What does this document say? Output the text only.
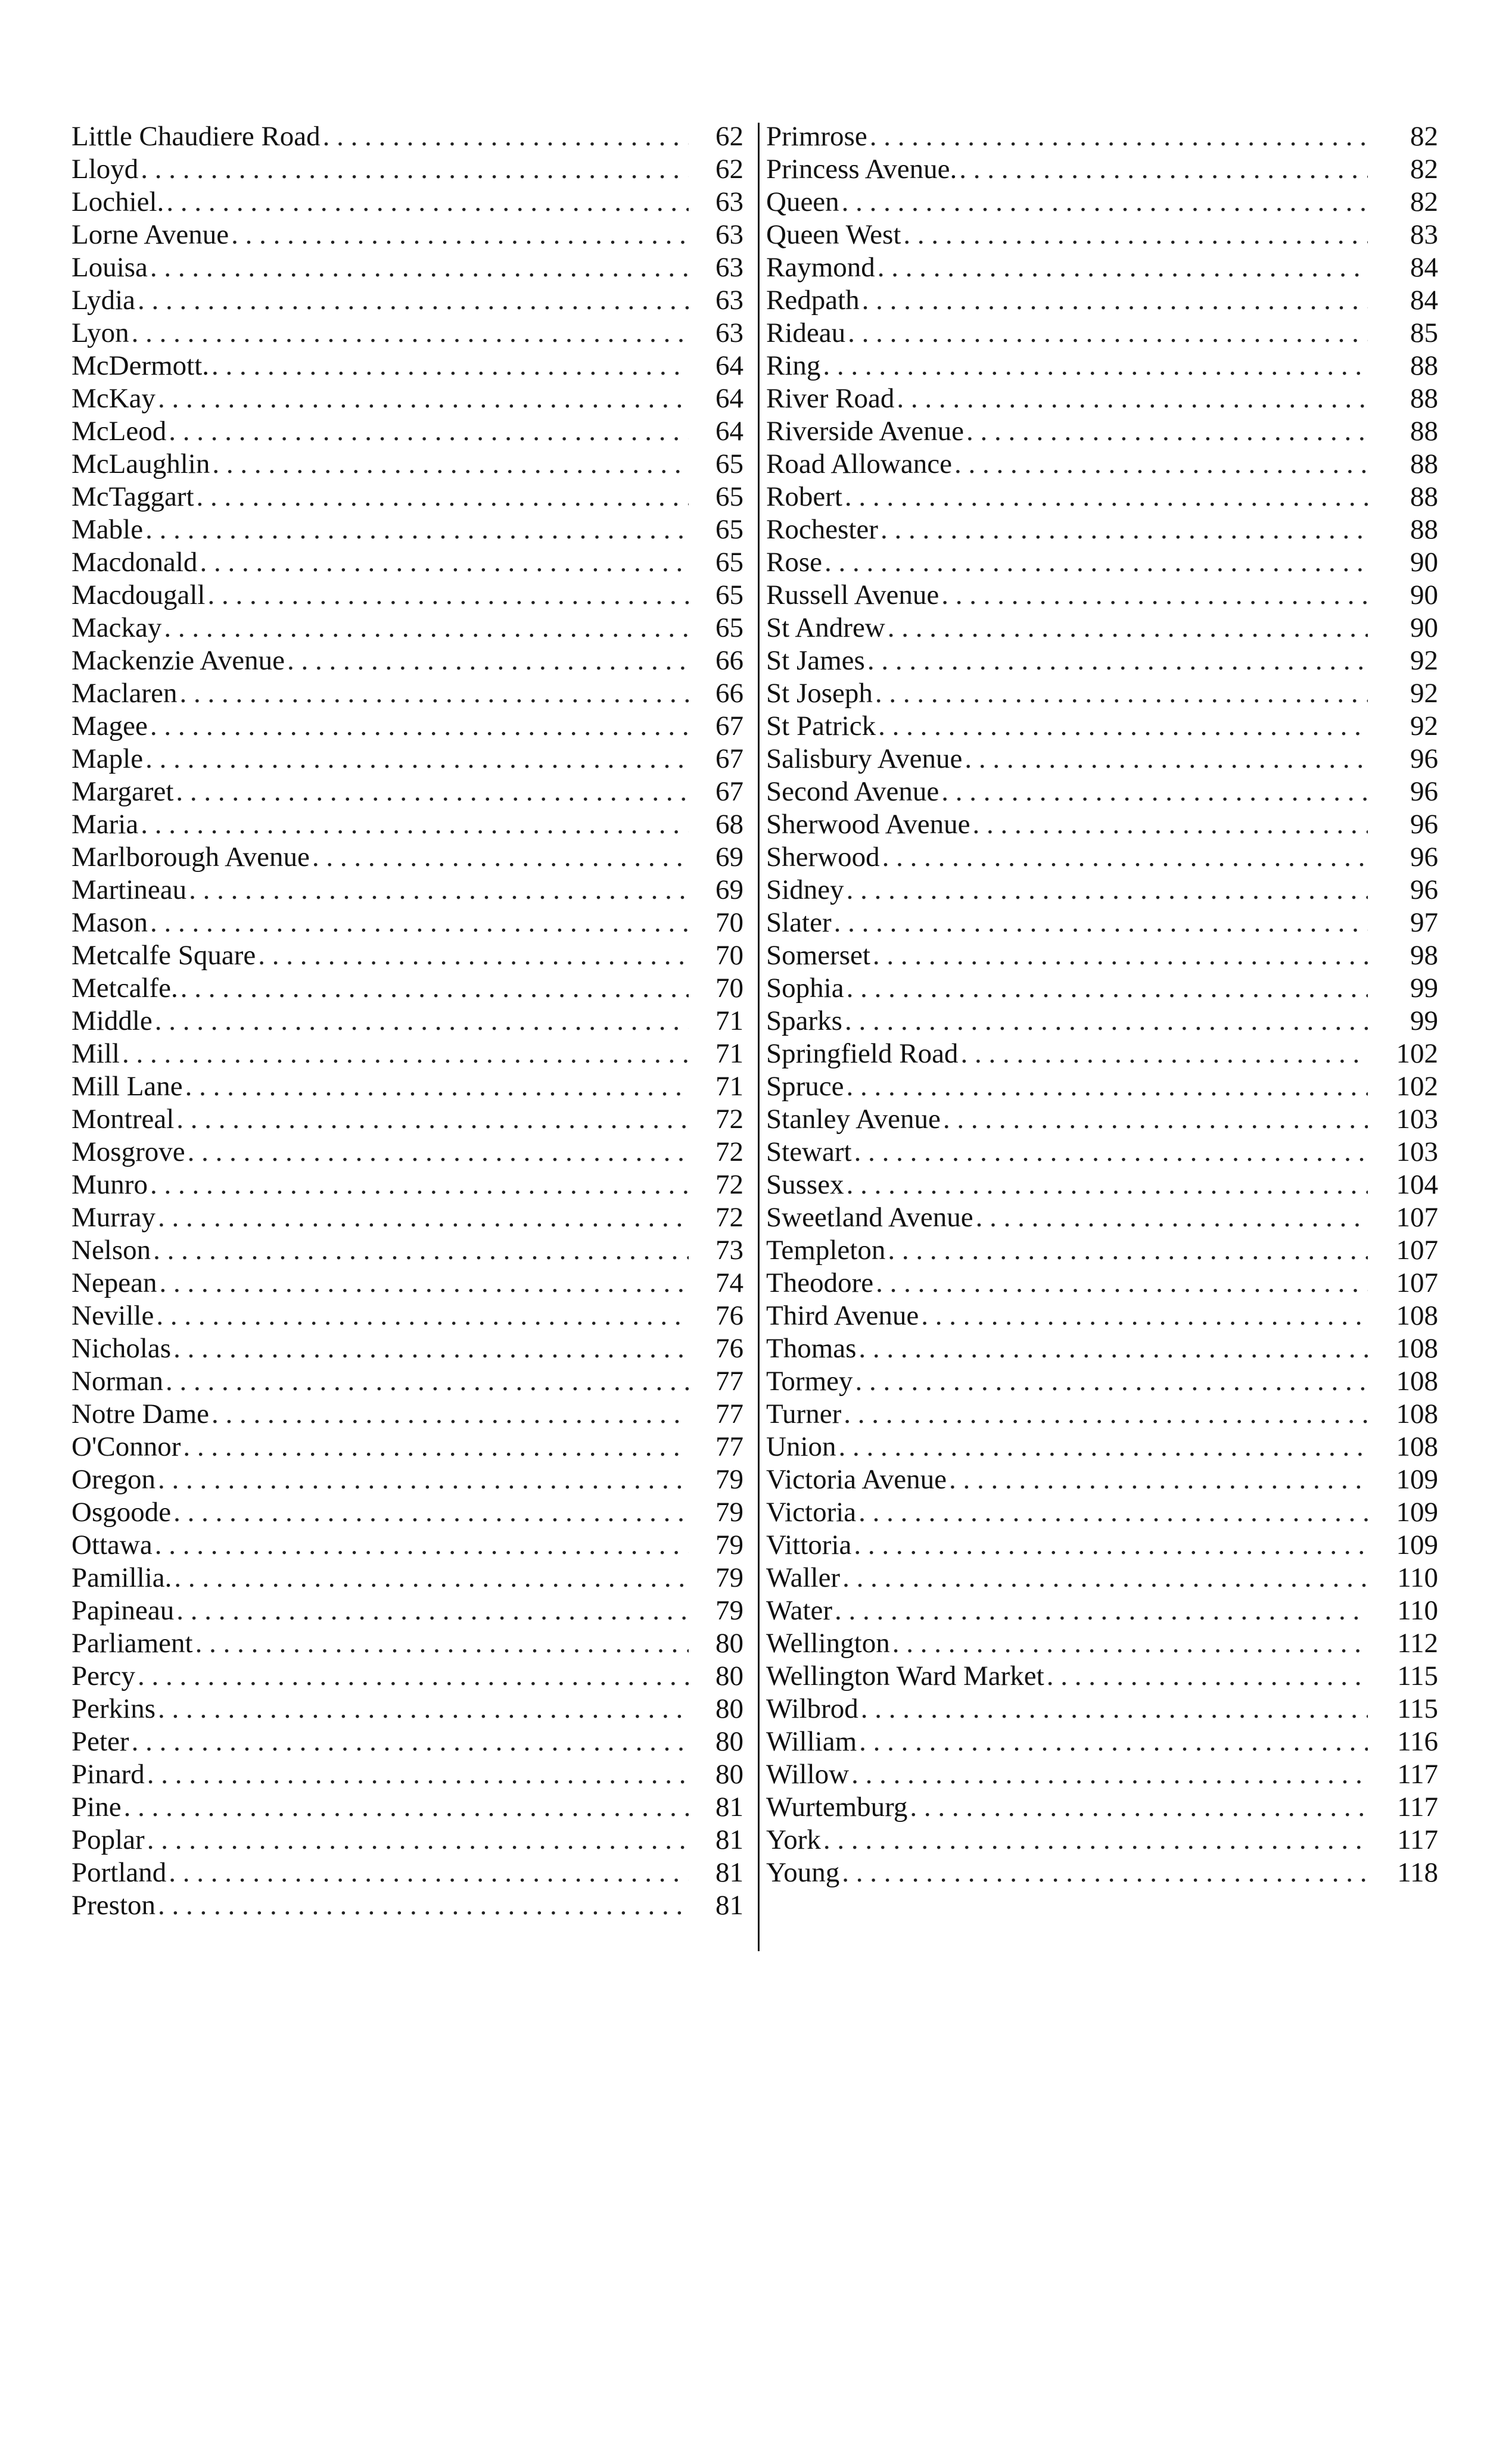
Little Chaudiere Road . . .	62
Lloyd . . .	62
Lochiel. . . .	63
Lorne Avenue . . .	63
Louisa . . .	63
Lydia . . .	63
Lyon . . .	63
McDermott. . . .	64
McKay . . .	64
McLeod . . .	64
McLaughlin . . .	65
McTaggart . . .	65
Mable . . .	65
Macdonald . . .	65
Macdougall . . .	65
Mackay . . .	65
Mackenzie Avenue . . .	66
Maclaren . . .	66
Magee . . .	67
Maple . . .	67
Margaret . . .	67
Maria . . .	68
Marlborough Avenue . . .	69
Martineau . . .	69
Mason . . .	70
Metcalfe Square . . .	70
Metcalfe. . . .	70
Middle . . .	71
Mill . . .	71
Mill Lane . . .	71
Montreal . . .	72
Mosgrove . . .	72
Munro . . .	72
Murray . . .	72
Nelson . . .	73
Nepean . . .	74
Neville . . .	76
Nicholas . . .	76
Norman . . .	77
Notre Dame . . .	77
O'Connor . . .	77
Oregon . . .	79
Osgoode . . .	79
Ottawa . . .	79
Pamillia. . . .	79
Papineau . . .	79
Parliament . . .	80
Percy . . .	80
Perkins . . .	80
Peter . . .	80
Pinard . . .	80
Pine . . .	81
Poplar . . .	81
Portland . . .	81
Preston . . .	81
Primrose . . .	82
Princess Avenue. . . .	82
Queen . . .	82
Queen West . . .	83
Raymond . . .	84
Redpath . . .	84
Rideau . . .	85
Ring . . .	88
River Road . . .	88
Riverside Avenue . . .	88
Road Allowance . . .	88
Robert . . .	88
Rochester . . .	88
Rose . . .	90
Russell Avenue . . .	90
St Andrew . . .	90
St James . . .	92
St Joseph . . .	92
St Patrick . . .	92
Salisbury Avenue . . .	96
Second Avenue . . .	96
Sherwood Avenue . . .	96
Sherwood . . .	96
Sidney . . .	96
Slater . . .	97
Somerset . . .	98
Sophia . . .	99
Sparks . . .	99
Springfield Road . . .	102
Spruce . . .	102
Stanley Avenue . . .	103
Stewart . . .	103
Sussex . . .	104
Sweetland Avenue . . .	107
Templeton . . .	107
Theodore . . .	107
Third Avenue . . .	108
Thomas . . .	108
Tormey . . .	108
Turner . . .	108
Union . . .	108
Victoria Avenue . . .	109
Victoria . . .	109
Vittoria . . .	109
Waller . . .	110
Water . . .	110
Wellington . . .	112
Wellington Ward Market . . .	115
Wilbrod . . .	115
William . . .	116
Willow . . .	117
Wurtemburg . . .	117
York . . .	117
Young . . .	118
